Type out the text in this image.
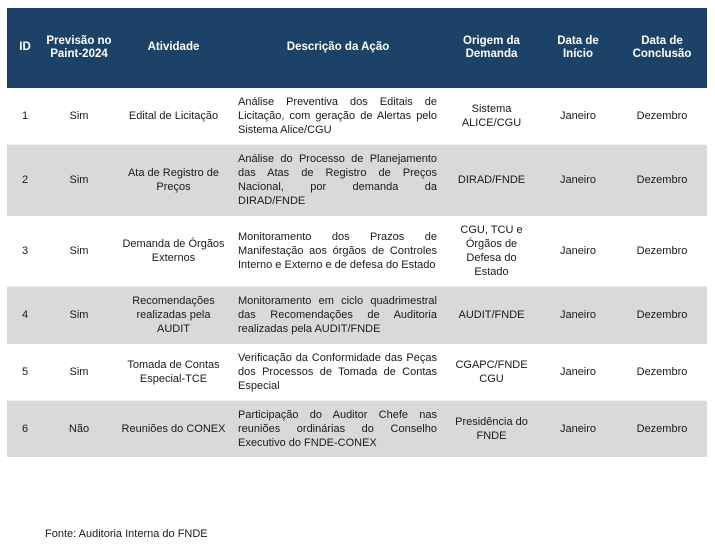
ID	Previsão no Paint-2024	Atividade	Descrição da Ação	Origem da Demanda	Data de Início	Data de Conclusão
1	Sim	Edital de Licitação	Análise Preventiva dos Editais de Licitação, com geração de Alertas pelo Sistema Alice/CGU	Sistema ALICE/CGU	Janeiro	Dezembro
2	Sim	Ata de Registro de Preços	Análise do Processo de Planejamento das Atas de Registro de Preços Nacional, por demanda da DIRAD/FNDE	DIRAD/FNDE	Janeiro	Dezembro
3	Sim	Demanda de Órgãos Externos	Monitoramento dos Prazos de Manifestação aos órgãos de Controles Interno e Externo e de defesa do Estado	CGU, TCU e Órgãos de Defesa do Estado	Janeiro	Dezembro
4	Sim	Recomendações realizadas pela AUDIT	Monitoramento em ciclo quadrimestral das Recomendações de Auditoria realizadas pela AUDIT/FNDE	AUDIT/FNDE	Janeiro	Dezembro
5	Sim	Tomada de Contas Especial-TCE	Verificação da Conformidade das Peças dos Processos de Tomada de Contas Especial	CGAPC/FNDE CGU	Janeiro	Dezembro
6	Não	Reuniões do CONEX	Participação do Auditor Chefe nas reuniões ordinárias do Conselho Executivo do FNDE-CONEX	Presidência do FNDE	Janeiro	Dezembro
Fonte: Auditoria Interna do FNDE
